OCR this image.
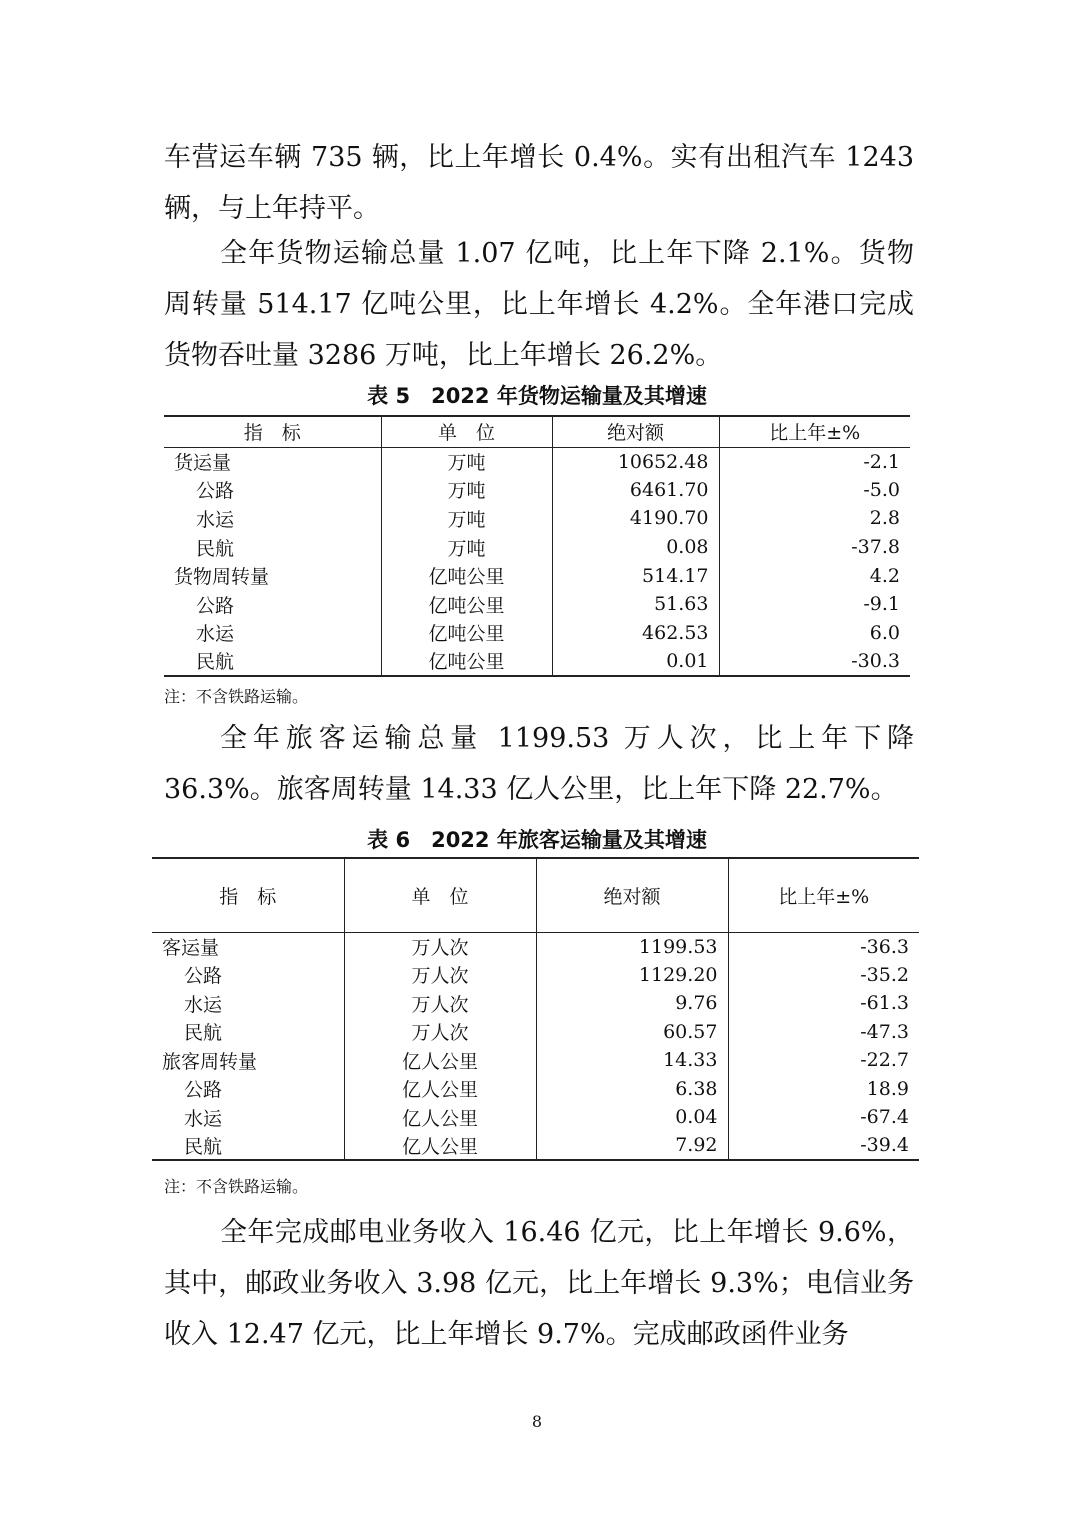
车营运车辆 735 辆，比上年增长 0.4%。实有出租汽车 1243 辆，与上年持平。

全年货物运输总量 1.07 亿吨，比上年下降 2.1%。货物周转量 514.17 亿吨公里，比上年增长 4.2%。全年港口完成货物吞吐量 3286 万吨，比上年增长 26.2%。

表 5　2022 年货物运输量及其增速
指　标	单　位	绝对额	比上年±%
货运量	万吨	10652.48	-2.1
公路	万吨	6461.70	-5.0
水运	万吨	4190.70	2.8
民航	万吨	0.08	-37.8
货物周转量	亿吨公里	514.17	4.2
公路	亿吨公里	51.63	-9.1
水运	亿吨公里	462.53	6.0
民航	亿吨公里	0.01	-30.3
注：不含铁路运输。

全年旅客运输总量 1199.53 万人次，比上年下降 36.3%。旅客周转量 14.33 亿人公里，比上年下降 22.7%。

表 6　2022 年旅客运输量及其增速
指　标	单　位	绝对额	比上年±%
客运量	万人次	1199.53	-36.3
公路	万人次	1129.20	-35.2
水运	万人次	9.76	-61.3
民航	万人次	60.57	-47.3
旅客周转量	亿人公里	14.33	-22.7
公路	亿人公里	6.38	18.9
水运	亿人公里	0.04	-67.4
民航	亿人公里	7.92	-39.4
注：不含铁路运输。

全年完成邮电业务收入 16.46 亿元，比上年增长 9.6%，其中，邮政业务收入 3.98 亿元，比上年增长 9.3%；电信业务收入 12.47 亿元，比上年增长 9.7%。完成邮政函件业务

8
